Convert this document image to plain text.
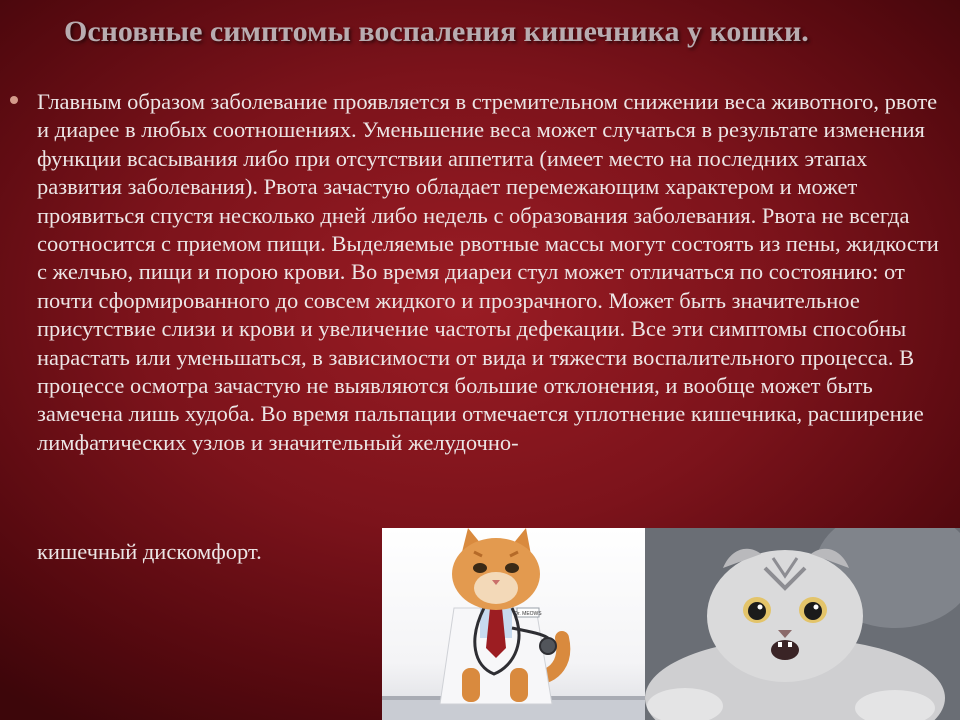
Основные симптомы воспаления кишечника у кошки.

Главным образом заболевание проявляется в стремительном снижении веса животного, рвоте и диарее в любых соотношениях. Уменьшение веса может случаться в результате изменения функции всасывания либо при отсутствии аппетита (имеет место на последних этапах развития заболевания). Рвота зачастую обладает перемежающим характером и может проявиться спустя несколько дней либо недель с образования заболевания. Рвота не всегда соотносится с приемом пищи. Выделяемые рвотные массы могут состоять из пены, жидкости с желчью, пищи и порою крови. Во время диареи стул может отличаться по состоянию: от почти сформированного до совсем жидкого и прозрачного. Может быть значительное присутствие слизи и крови и увеличение частоты дефекации. Все эти симптомы способны нарастать или уменьшаться, в зависимости от вида и тяжести воспалительного процесса. В процессе осмотра зачастую не выявляются большие отклонения, и вообще может быть замечена лишь худоба. Во время пальпации отмечается уплотнение кишечника, расширение лимфатических узлов и значительный желудочно-

кишечный дискомфорт.

Dr. MEOWS
